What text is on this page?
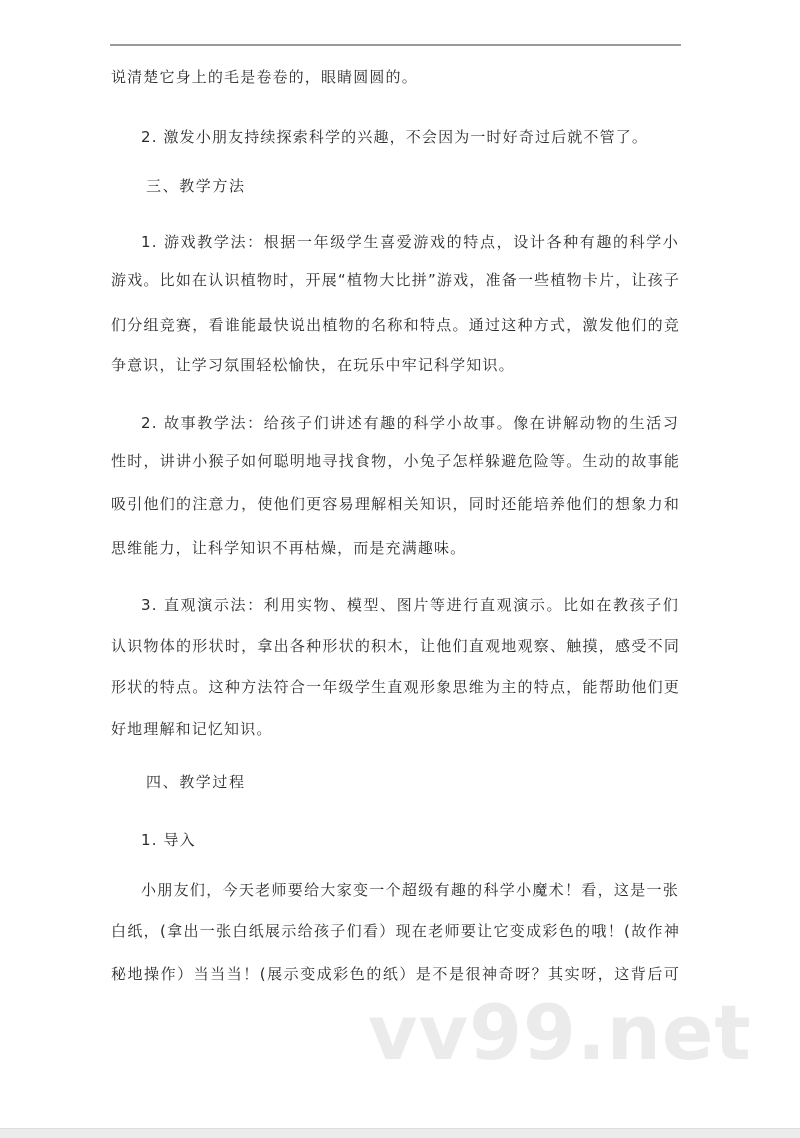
说清楚它身上的毛是卷卷的，眼睛圆圆的。
2. 激发小朋友持续探索科学的兴趣，不会因为一时好奇过后就不管了。
三、教学方法
1. 游戏教学法：根据一年级学生喜爱游戏的特点，设计各种有趣的科学小
游戏。比如在认识植物时，开展“植物大比拼”游戏，准备一些植物卡片，让孩子
们分组竞赛，看谁能最快说出植物的名称和特点。通过这种方式，激发他们的竞
争意识，让学习氛围轻松愉快，在玩乐中牢记科学知识。
2. 故事教学法：给孩子们讲述有趣的科学小故事。像在讲解动物的生活习
性时，讲讲小猴子如何聪明地寻找食物，小兔子怎样躲避危险等。生动的故事能
吸引他们的注意力，使他们更容易理解相关知识，同时还能培养他们的想象力和
思维能力，让科学知识不再枯燥，而是充满趣味。
3. 直观演示法：利用实物、模型、图片等进行直观演示。比如在教孩子们
认识物体的形状时，拿出各种形状的积木，让他们直观地观察、触摸，感受不同
形状的特点。这种方法符合一年级学生直观形象思维为主的特点，能帮助他们更
好地理解和记忆知识。
四、教学过程
1. 导入
小朋友们，今天老师要给大家变一个超级有趣的科学小魔术！看，这是一张
白纸，(拿出一张白纸展示给孩子们看）现在老师要让它变成彩色的哦！(故作神
秘地操作）当当当！(展示变成彩色的纸）是不是很神奇呀？其实呀，这背后可
vv99.net
